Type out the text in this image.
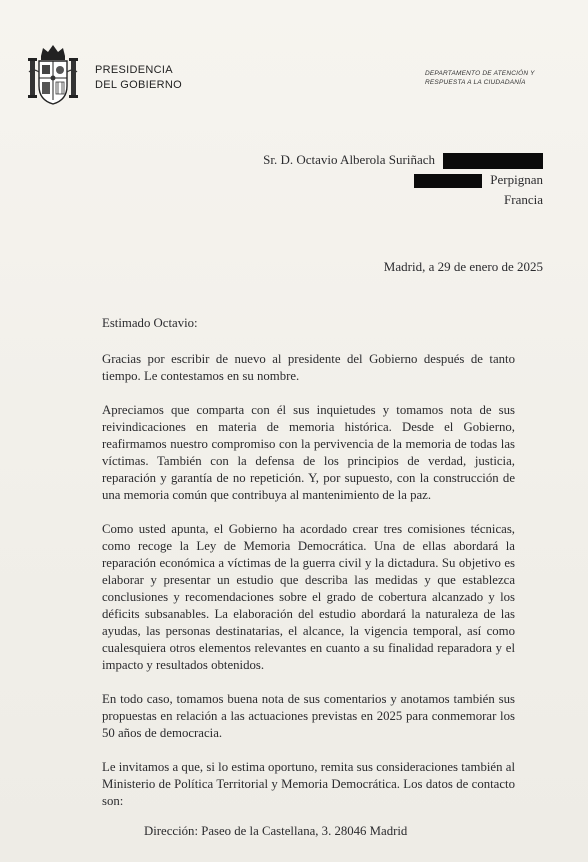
PRESIDENCIA
DEL GOBIERNO
DEPARTAMENTO DE ATENCIÓN Y
RESPUESTA A LA CIUDADANÍA
Sr. D. Octavio Alberola Suriñach
Perpignan
Francia
Madrid, a 29 de enero de 2025

Estimado Octavio:

Gracias por escribir de nuevo al presidente del Gobierno después de tanto tiempo. Le contestamos en su nombre.

Apreciamos que comparta con él sus inquietudes y tomamos nota de sus reivindicaciones en materia de memoria histórica. Desde el Gobierno, reafirmamos nuestro compromiso con la pervivencia de la memoria de todas las víctimas. También con la defensa de los principios de verdad, justicia, reparación y garantía de no repetición. Y, por supuesto, con la construcción de una memoria común que contribuya al mantenimiento de la paz.

Como usted apunta, el Gobierno ha acordado crear tres comisiones técnicas, como recoge la Ley de Memoria Democrática. Una de ellas abordará la reparación económica a víctimas de la guerra civil y la dictadura. Su objetivo es elaborar y presentar un estudio que describa las medidas y que establezca conclusiones y recomendaciones sobre el grado de cobertura alcanzado y los déficits subsanables. La elaboración del estudio abordará la naturaleza de las ayudas, las personas destinatarias, el alcance, la vigencia temporal, así como cualesquiera otros elementos relevantes en cuanto a su finalidad reparadora y el impacto y resultados obtenidos.

En todo caso, tomamos buena nota de sus comentarios y anotamos también sus propuestas en relación a las actuaciones previstas en 2025 para conmemorar los 50 años de democracia.

Le invitamos a que, si lo estima oportuno, remita sus consideraciones también al Ministerio de Política Territorial y Memoria Democrática. Los datos de contacto son:

Dirección: Paseo de la Castellana, 3. 28046 Madrid
